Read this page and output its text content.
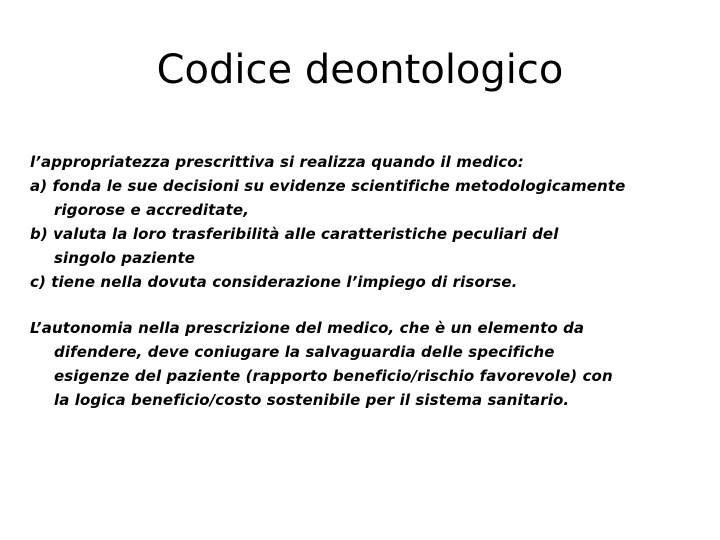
Codice deontologico
l’appropriatezza prescrittiva si realizza quando il medico:
a) fonda le sue decisioni su evidenze scientifiche metodologicamente
rigorose e accreditate,
b) valuta la loro trasferibilità alle caratteristiche peculiari del
singolo paziente
c) tiene nella dovuta considerazione l’impiego di risorse.
L’autonomia nella prescrizione del medico, che è un elemento da
difendere, deve coniugare la salvaguardia delle specifiche
esigenze del paziente (rapporto beneficio/rischio favorevole) con
la logica beneficio/costo sostenibile per il sistema sanitario.
